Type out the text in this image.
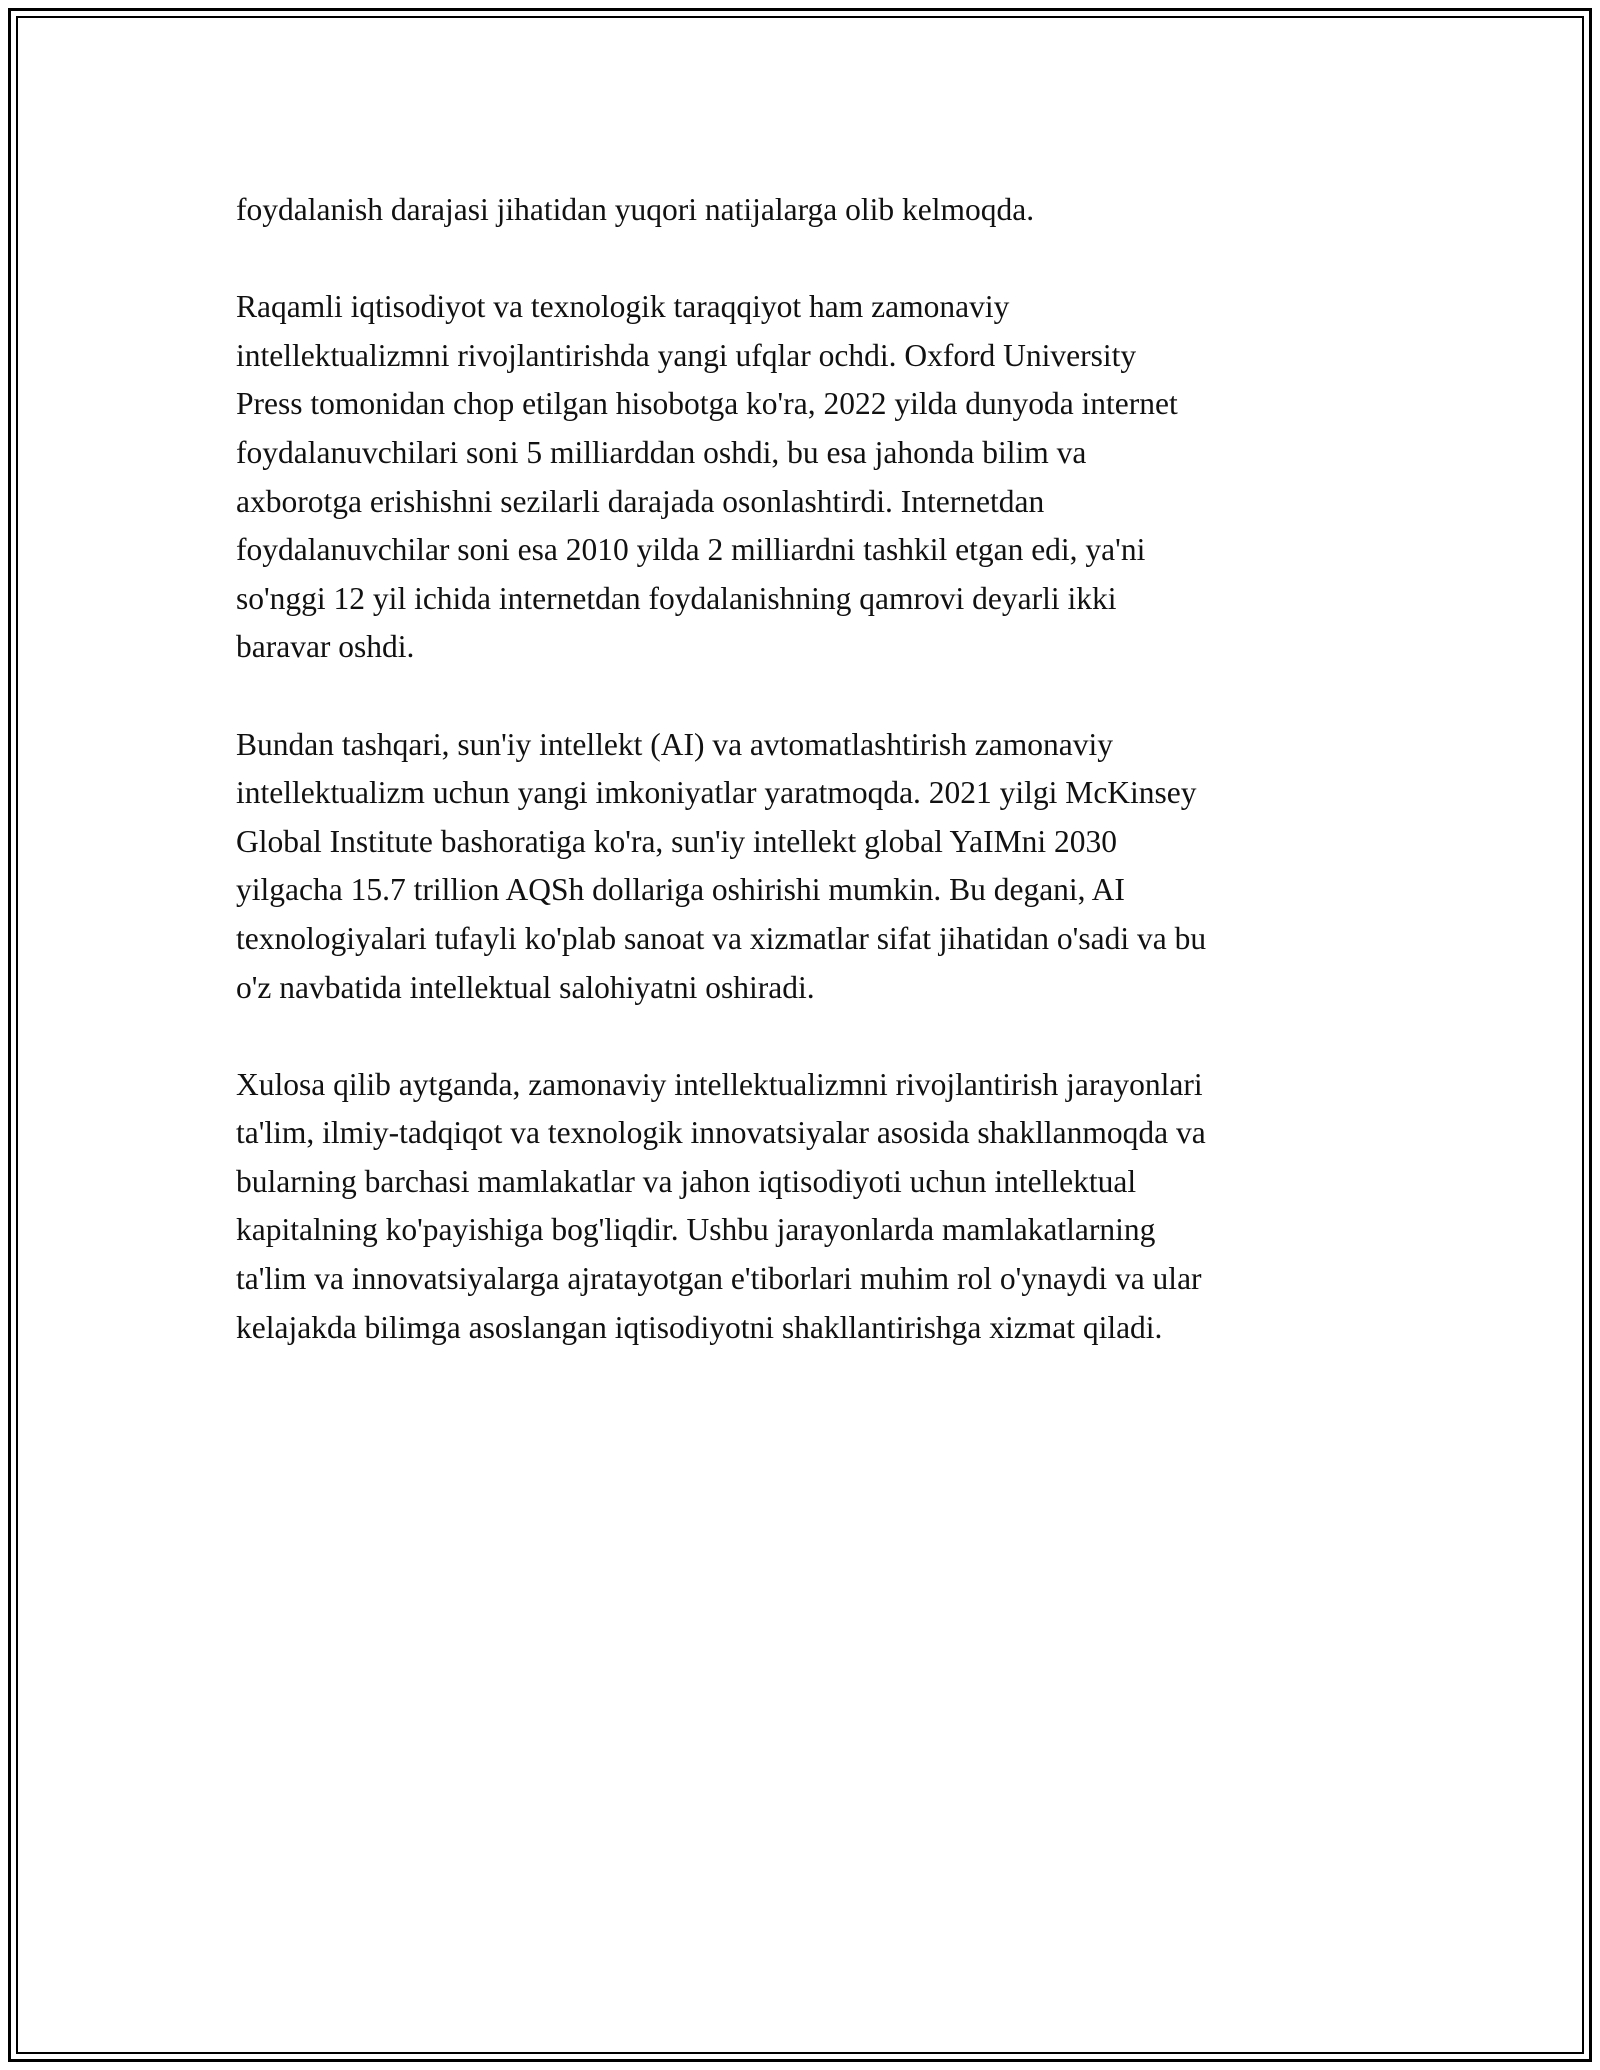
foydalanish darajasi jihatidan yuqori natijalarga olib kelmoqda.

Raqamli iqtisodiyot va texnologik taraqqiyot ham zamonaviy
intellektualizmni rivojlantirishda yangi ufqlar ochdi. Oxford University
Press tomonidan chop etilgan hisobotga ko'ra, 2022 yilda dunyoda internet
foydalanuvchilari soni 5 milliarddan oshdi, bu esa jahonda bilim va
axborotga erishishni sezilarli darajada osonlashtirdi. Internetdan
foydalanuvchilar soni esa 2010 yilda 2 milliardni tashkil etgan edi, ya'ni
so'nggi 12 yil ichida internetdan foydalanishning qamrovi deyarli ikki
baravar oshdi.

Bundan tashqari, sun'iy intellekt (AI) va avtomatlashtirish zamonaviy
intellektualizm uchun yangi imkoniyatlar yaratmoqda. 2021 yilgi McKinsey
Global Institute bashoratiga ko'ra, sun'iy intellekt global YaIMni 2030
yilgacha 15.7 trillion AQSh dollariga oshirishi mumkin. Bu degani, AI
texnologiyalari tufayli ko'plab sanoat va xizmatlar sifat jihatidan o'sadi va bu
o'z navbatida intellektual salohiyatni oshiradi.

Xulosa qilib aytganda, zamonaviy intellektualizmni rivojlantirish jarayonlari
ta'lim, ilmiy-tadqiqot va texnologik innovatsiyalar asosida shakllanmoqda va
bularning barchasi mamlakatlar va jahon iqtisodiyoti uchun intellektual
kapitalning ko'payishiga bog'liqdir. Ushbu jarayonlarda mamlakatlarning
ta'lim va innovatsiyalarga ajratayotgan e'tiborlari muhim rol o'ynaydi va ular
kelajakda bilimga asoslangan iqtisodiyotni shakllantirishga xizmat qiladi.
